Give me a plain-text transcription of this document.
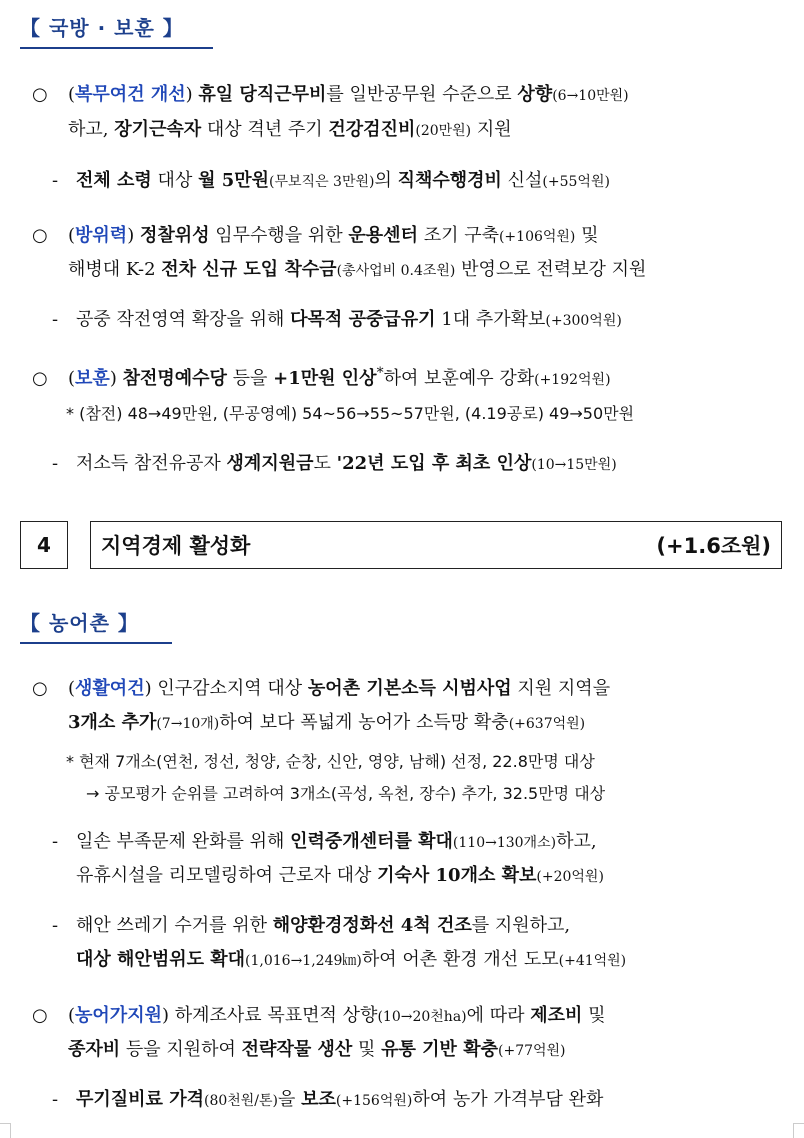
【 국방 · 보훈 】
○ (복무여건 개선) 휴일 당직근무비를 일반공무원 수준으로 상향(6→10만원)
하고, 장기근속자 대상 격년 주기 건강검진비(20만원) 지원
- 전체 소령 대상 월 5만원(무보직은 3만원)의 직책수행경비 신설(+55억원)
○ (방위력) 정찰위성 임무수행을 위한 운용센터 조기 구축(+106억원) 및
해병대 K-2 전차 신규 도입 착수금(총사업비 0.4조원) 반영으로 전력보강 지원
- 공중 작전영역 확장을 위해 다목적 공중급유기 1대 추가확보(+300억원)
○ (보훈) 참전명예수당 등을 +1만원 인상*하여 보훈예우 강화(+192억원)
* (참전) 48→49만원, (무공영예) 54~56→55~57만원, (4.19공로) 49→50만원
- 저소득 참전유공자 생계지원금도 '22년 도입 후 최초 인상(10→15만원)
4	지역경제 활성화	(+1.6조원)
【 농어촌 】
○ (생활여건) 인구감소지역 대상 농어촌 기본소득 시범사업 지원 지역을
3개소 추가(7→10개)하여 보다 폭넓게 농어가 소득망 확충(+637억원)
* 현재 7개소(연천, 정선, 청양, 순창, 신안, 영양, 남해) 선정, 22.8만명 대상
→ 공모평가 순위를 고려하여 3개소(곡성, 옥천, 장수) 추가, 32.5만명 대상
- 일손 부족문제 완화를 위해 인력중개센터를 확대(110→130개소)하고,
유휴시설을 리모델링하여 근로자 대상 기숙사 10개소 확보(+20억원)
- 해안 쓰레기 수거를 위한 해양환경정화선 4척 건조를 지원하고,
대상 해안범위도 확대(1,016→1,249㎞)하여 어촌 환경 개선 도모(+41억원)
○ (농어가지원) 하계조사료 목표면적 상향(10→20천ha)에 따라 제조비 및
종자비 등을 지원하여 전략작물 생산 및 유통 기반 확충(+77억원)
- 무기질비료 가격(80천원/톤)을 보조(+156억원)하여 농가 가격부담 완화
